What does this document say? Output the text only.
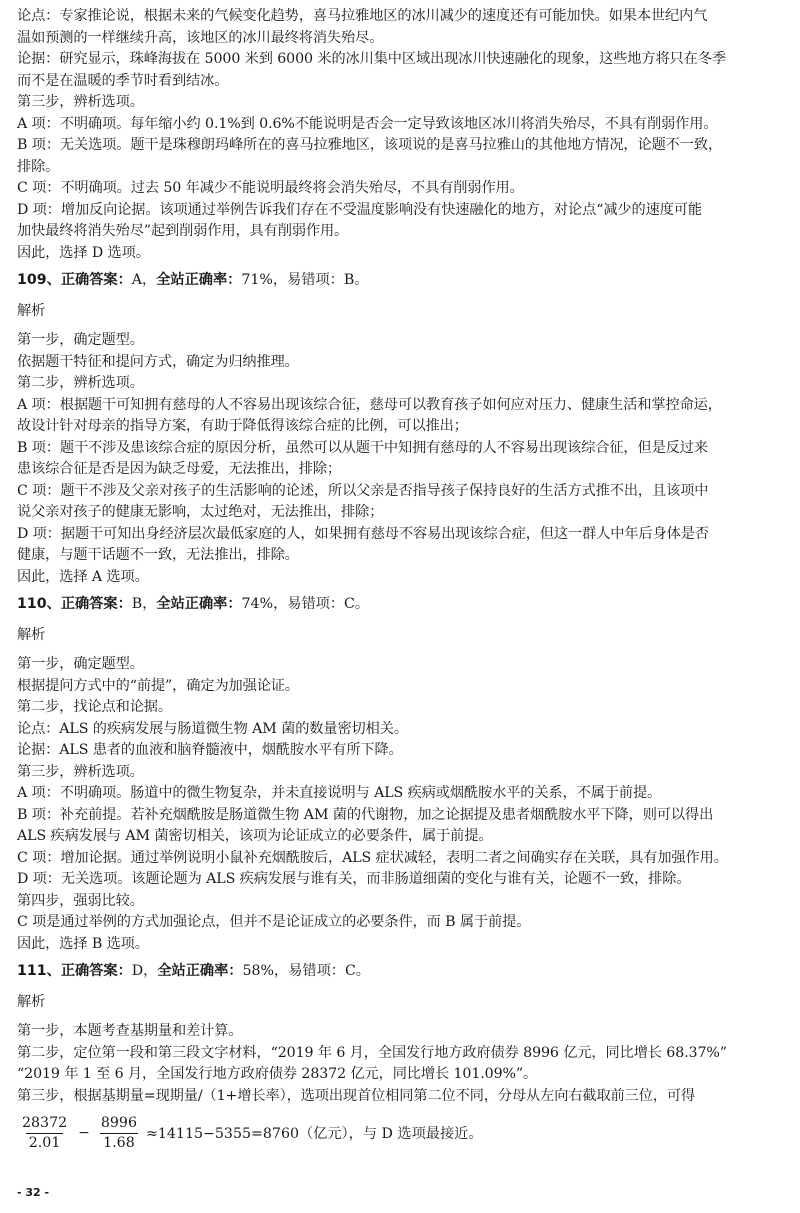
论点：专家推论说，根据未来的气候变化趋势，喜马拉雅地区的冰川减少的速度还有可能加快。如果本世纪内气
温如预测的一样继续升高，该地区的冰川最终将消失殆尽。
论据：研究显示，珠峰海拔在 5000 米到 6000 米的冰川集中区域出现冰川快速融化的现象，这些地方将只在冬季
而不是在温暖的季节时看到结冰。
第三步，辨析选项。
A 项：不明确项。每年缩小约 0.1%到 0.6%不能说明是否会一定导致该地区冰川将消失殆尽，不具有削弱作用。
B 项：无关选项。题干是珠穆朗玛峰所在的喜马拉雅地区，该项说的是喜马拉雅山的其他地方情况，论题不一致，
排除。
C 项：不明确项。过去 50 年减少不能说明最终将会消失殆尽，不具有削弱作用。
D 项：增加反向论据。该项通过举例告诉我们存在不受温度影响没有快速融化的地方，对论点“减少的速度可能
加快最终将消失殆尽”起到削弱作用，具有削弱作用。
因此，选择 D 选项。
109、正确答案：A，全站正确率：71%，易错项：B。
解析
第一步，确定题型。
依据题干特征和提问方式，确定为归纳推理。
第二步，辨析选项。
A 项：根据题干可知拥有慈母的人不容易出现该综合征，慈母可以教育孩子如何应对压力、健康生活和掌控命运，
故设计针对母亲的指导方案，有助于降低得该综合症的比例，可以推出；
B 项：题干不涉及患该综合症的原因分析，虽然可以从题干中知拥有慈母的人不容易出现该综合征，但是反过来
患该综合征是否是因为缺乏母爱，无法推出，排除；
C 项：题干不涉及父亲对孩子的生活影响的论述，所以父亲是否指导孩子保持良好的生活方式推不出，且该项中
说父亲对孩子的健康无影响，太过绝对，无法推出，排除；
D 项：据题干可知出身经济层次最低家庭的人，如果拥有慈母不容易出现该综合症，但这一群人中年后身体是否
健康，与题干话题不一致，无法推出，排除。
因此，选择 A 选项。
110、正确答案：B，全站正确率：74%，易错项：C。
解析
第一步，确定题型。
根据提问方式中的“前提”，确定为加强论证。
第二步，找论点和论据。
论点：ALS 的疾病发展与肠道微生物 AM 菌的数量密切相关。
论据：ALS 患者的血液和脑脊髓液中，烟酰胺水平有所下降。
第三步，辨析选项。
A 项：不明确项。肠道中的微生物复杂，并未直接说明与 ALS 疾病或烟酰胺水平的关系，不属于前提。
B 项：补充前提。若补充烟酰胺是肠道微生物 AM 菌的代谢物，加之论据提及患者烟酰胺水平下降，则可以得出
ALS 疾病发展与 AM 菌密切相关，该项为论证成立的必要条件，属于前提。
C 项：增加论据。通过举例说明小鼠补充烟酰胺后，ALS 症状减轻，表明二者之间确实存在关联，具有加强作用。
D 项：无关选项。该题论题为 ALS 疾病发展与谁有关，而非肠道细菌的变化与谁有关，论题不一致，排除。
第四步，强弱比较。
C 项是通过举例的方式加强论点，但并不是论证成立的必要条件，而 B 属于前提。
因此，选择 B 选项。
111、正确答案：D，全站正确率：58%，易错项：C。
解析
第一步，本题考查基期量和差计算。
第二步，定位第一段和第三段文字材料，“2019 年 6 月，全国发行地方政府债券 8996 亿元，同比增长 68.37%”
“2019 年 1 至 6 月，全国发行地方政府债券 28372 亿元，同比增长 101.09%”。
第三步，根据基期量=现期量/（1+增长率），选项出现首位相同第二位不同，分母从左向右截取前三位，可得
$\frac{28372}{2.01} - \frac{8996}{1.68} \approx 14115-5355=8760$（亿元），与 D 选项最接近。
- 32 -
